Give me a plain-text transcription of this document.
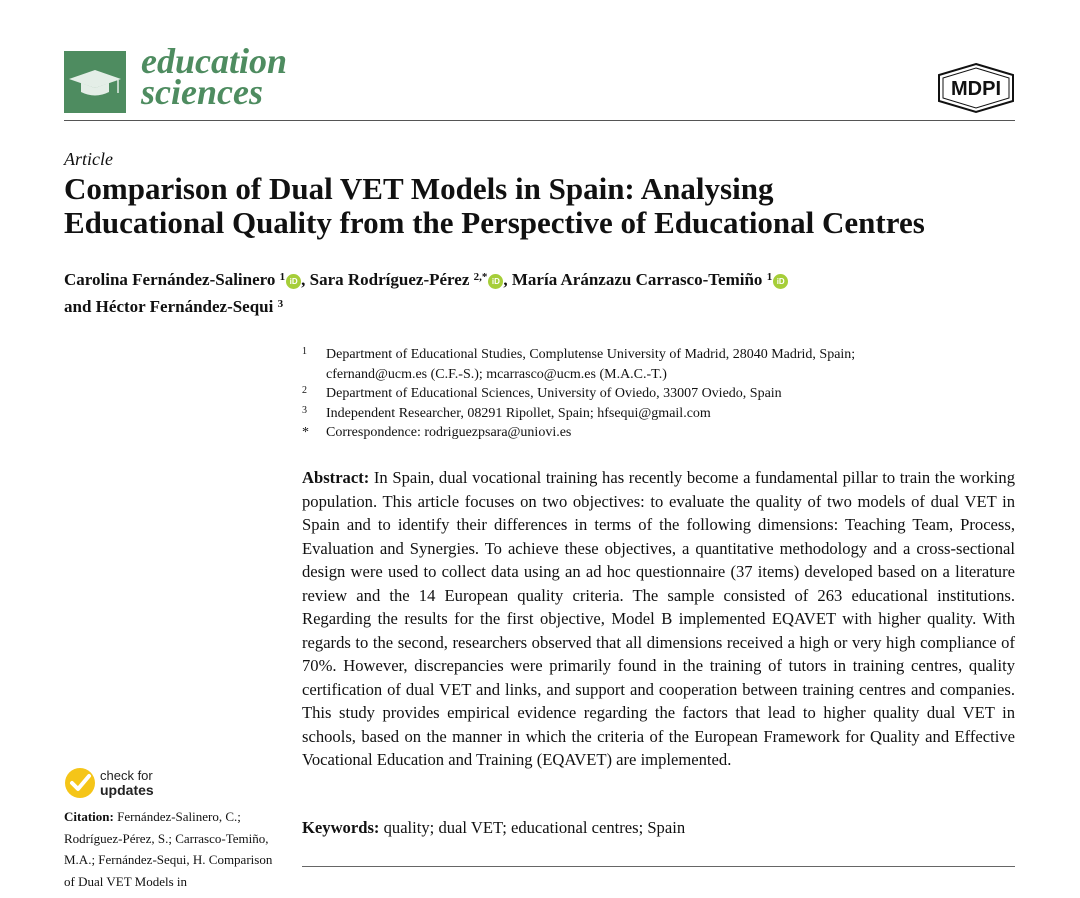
education
sciences	MDPI
Article
Comparison of Dual VET Models in Spain: Analysing
Educational Quality from the Perspective of Educational Centres
Carolina Fernández-Salinero $^1$ iD , Sara Rodríguez-Pérez $^{2,*}$ iD , María Aránzazu Carrasco-Temiño $^1$ iD
and Héctor Fernández-Sequi $^3$
1	Department of Educational Studies, Complutense University of Madrid, 28040 Madrid, Spain;
cfernand@ucm.es (C.F.-S.); mcarrasco@ucm.es (M.A.C.-T.)
2	Department of Educational Sciences, University of Oviedo, 33007 Oviedo, Spain
3	Independent Researcher, 08291 Ripollet, Spain; hfsequi@gmail.com
*	Correspondence: rodriguezpsara@uniovi.es
Abstract: In Spain, dual vocational training has recently become a fundamental pillar to train the working population. This article focuses on two objectives: to evaluate the quality of two models of dual VET in Spain and to identify their differences in terms of the following dimensions: Teaching Team, Process, Evaluation and Synergies. To achieve these objectives, a quantitative methodology and a cross-sectional design were used to collect data using an ad hoc questionnaire (37 items) developed based on a literature review and the 14 European quality criteria. The sample consisted of 263 educational institutions. Regarding the results for the first objective, Model B implemented EQAVET with higher quality. With regards to the second, researchers observed that all dimensions received a high or very high compliance of 70%. However, discrepancies were primarily found in the training of tutors in training centres, quality certification of dual VET and links, and support and cooperation between training centres and companies. This study provides empirical evidence regarding the factors that lead to higher quality dual VET in schools, based on the manner in which the criteria of the European Framework for Quality and Effective Vocational Education and Training (EQAVET) are implemented.
Keywords: quality; dual VET; educational centres; Spain
check for
updates
Citation: Fernández-Salinero, C.; Rodríguez-Pérez, S.; Carrasco-Temiño, M.A.; Fernández-Sequi, H. Comparison of Dual VET Models in
